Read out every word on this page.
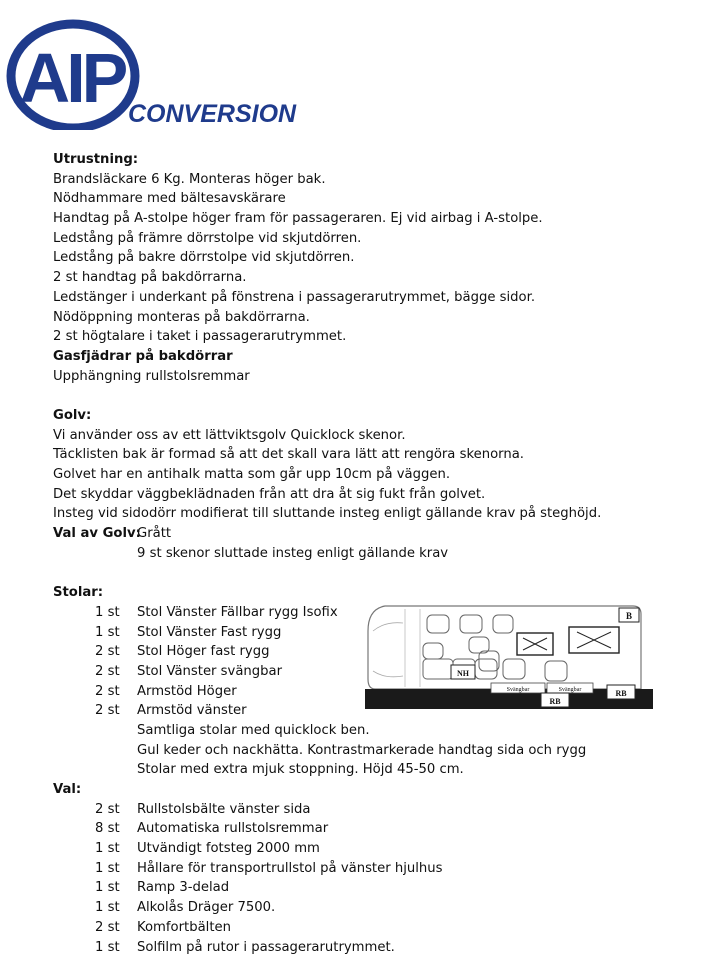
AIP CONVERSION
Utrustning:
Brandsläckare 6 Kg. Monteras höger bak.
Nödhammare med bältesavskärare
Handtag på A-stolpe höger fram för passageraren. Ej vid airbag i A-stolpe.
Ledstång på främre dörrstolpe vid skjutdörren.
Ledstång på bakre dörrstolpe vid skjutdörren.
2 st handtag på bakdörrarna.
Ledstänger i underkant på fönstrena i passagerarutrymmet, bägge sidor.
Nödöppning monteras på bakdörrarna.
2 st högtalare i taket i passagerarutrymmet.
Gasfjädrar på bakdörrar
Upphängning rullstolsremmar
Golv:
Vi använder oss av ett lättviktsgolv Quicklock skenor.
Täcklisten bak är formad så att det skall vara lätt att rengöra skenorna.
Golvet har en antihalk matta som går upp 10cm på väggen.
Det skyddar väggbeklädnaden från att dra åt sig fukt från golvet.
Insteg vid sidodörr modifierat till sluttande insteg enligt gällande krav på steghöjd.
Val av Golv:Grått
9 st skenor sluttade insteg enligt gällande krav
Stolar:
1 st Stol Vänster Fällbar rygg Isofix
1 st Stol Vänster Fast rygg
2 st Stol Höger fast rygg
2 st Stol Vänster svängbar
2 st Armstöd Höger
2 st Armstöd vänster
Samtliga stolar med quicklock ben.
Gul keder och nackhätta. Kontrastmarkerade handtag sida och rygg
Stolar med extra mjuk stoppning. Höjd 45-50 cm.
Val:
2 st Rullstolsbälte vänster sida
8 st Automatiska rullstolsremmar
1 st Utvändigt fotsteg 2000 mm
1 st Hållare för transportrullstol på vänster hjulhus
1 st Ramp 3-delad
1 st Alkolås Dräger 7500.
2 st Komfortbälten
1 st Solfilm på rutor i passagerarutrymmet.
B
NH
Svängbar	Svängbar
RB
RB
